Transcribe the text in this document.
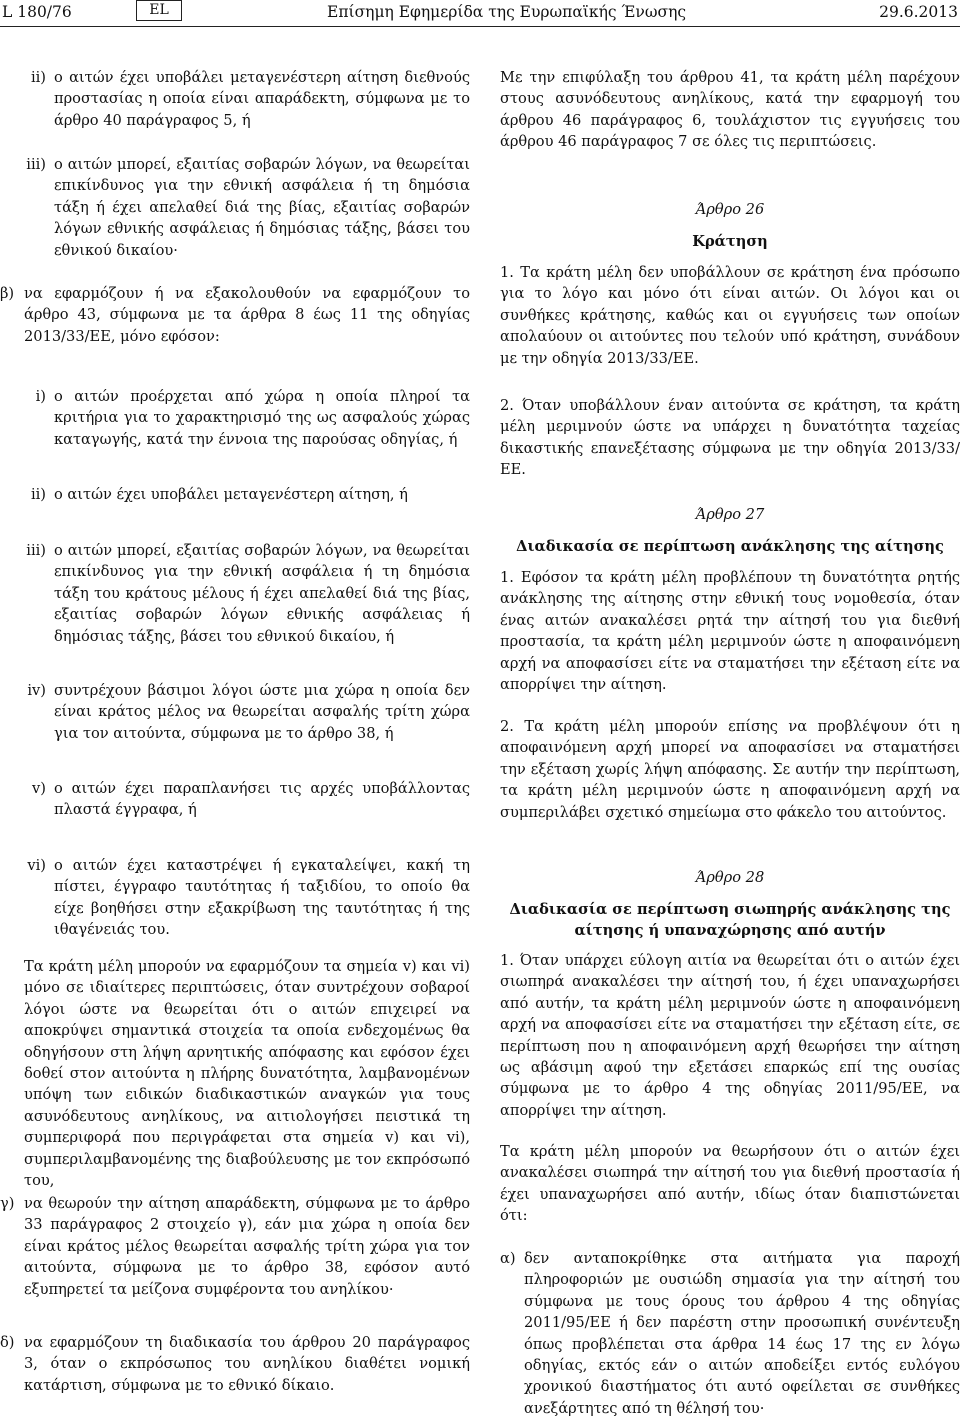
L 180/76	EL	Επίσημη Εφημερίδα της Ευρωπαϊκής Ένωσης	29.6.2013
ii) ο αιτών έχει υποβάλει μεταγενέστερη αίτηση διεθνούς προστασίας η οποία είναι απαράδεκτη, σύμφωνα με το άρθρο 40 παράγραφος 5, ή
iii) ο αιτών μπορεί, εξαιτίας σοβαρών λόγων, να θεωρείται επικίνδυνος για την εθνική ασφάλεια ή τη δημόσια τάξη ή έχει απελαθεί διά της βίας, εξαιτίας σοβαρών λόγων εθνικής ασφάλειας ή δημόσιας τάξης, βάσει του εθνικού δικαίου·
β) να εφαρμόζουν ή να εξακολουθούν να εφαρμόζουν το άρθρο 43, σύμφωνα με τα άρθρα 8 έως 11 της οδηγίας 2013/33/ΕΕ, μόνο εφόσον:
i) ο αιτών προέρχεται από χώρα η οποία πληροί τα κριτήρια για το χαρακτηρισμό της ως ασφαλούς χώρας καταγωγής, κατά την έννοια της παρούσας οδηγίας, ή
ii) ο αιτών έχει υποβάλει μεταγενέστερη αίτηση, ή
iii) ο αιτών μπορεί, εξαιτίας σοβαρών λόγων, να θεωρείται επικίνδυνος για την εθνική ασφάλεια ή τη δημόσια τάξη του κράτους μέλους ή έχει απελαθεί διά της βίας, εξαιτίας σοβαρών λόγων εθνικής ασφάλειας ή δημόσιας τάξης, βάσει του εθνικού δικαίου, ή
iv) συντρέχουν βάσιμοι λόγοι ώστε μια χώρα η οποία δεν είναι κράτος μέλος να θεωρείται ασφαλής τρίτη χώρα για τον αιτούντα, σύμφωνα με το άρθρο 38, ή
v) ο αιτών έχει παραπλανήσει τις αρχές υποβάλλοντας πλαστά έγγραφα, ή
vi) ο αιτών έχει καταστρέψει ή εγκαταλείψει, κακή τη πίστει, έγγραφο ταυτότητας ή ταξιδίου, το οποίο θα είχε βοηθήσει στην εξακρίβωση της ταυτότητας ή της ιθαγένειάς του.
Τα κράτη μέλη μπορούν να εφαρμόζουν τα σημεία v) και vi) μόνο σε ιδιαίτερες περιπτώσεις, όταν συντρέχουν σοβαροί λόγοι ώστε να θεωρείται ότι ο αιτών επιχειρεί να αποκρύψει σημαντικά στοιχεία τα οποία ενδεχομένως θα οδηγήσουν στη λήψη αρνητικής απόφασης και εφόσον έχει δοθεί στον αιτούντα η πλήρης δυνατότητα, λαμβανομένων υπόψη των ειδικών διαδικαστικών αναγκών για τους ασυνόδευτους ανηλίκους, να αιτιολογήσει πειστικά τη συμπεριφορά που περιγράφεται στα σημεία v) και vi), συμπεριλαμβανομένης της διαβούλευσης με τον εκπρόσωπό του,
γ) να θεωρούν την αίτηση απαράδεκτη, σύμφωνα με το άρθρο 33 παράγραφος 2 στοιχείο γ), εάν μια χώρα η οποία δεν είναι κράτος μέλος θεωρείται ασφαλής τρίτη χώρα για τον αιτούντα, σύμφωνα με το άρθρο 38, εφόσον αυτό εξυπηρετεί τα μείζονα συμφέροντα του ανηλίκου·
δ) να εφαρμόζουν τη διαδικασία του άρθρου 20 παράγραφος 3, όταν ο εκπρόσωπος του ανηλίκου διαθέτει νομική κατάρτιση, σύμφωνα με το εθνικό δίκαιο.
Με την επιφύλαξη του άρθρου 41, τα κράτη μέλη παρέχουν στους ασυνόδευτους ανηλίκους, κατά την εφαρμογή του άρθρου 46 παράγραφος 6, τουλάχιστον τις εγγυήσεις του άρθρου 46 παράγραφος 7 σε όλες τις περιπτώσεις.
Άρθρο 26
Κράτηση
1. Τα κράτη μέλη δεν υποβάλλουν σε κράτηση ένα πρόσωπο για το λόγο και μόνο ότι είναι αιτών. Οι λόγοι και οι συνθήκες κράτησης, καθώς και οι εγγυήσεις των οποίων απολαύουν οι αιτούντες που τελούν υπό κράτηση, συνάδουν με την οδηγία 2013/33/ΕΕ.
2. Όταν υποβάλλουν έναν αιτούντα σε κράτηση, τα κράτη μέλη μεριμνούν ώστε να υπάρχει η δυνατότητα ταχείας δικαστικής επανεξέτασης σύμφωνα με την οδηγία 2013/33/ΕΕ.
Άρθρο 27
Διαδικασία σε περίπτωση ανάκλησης της αίτησης
1. Εφόσον τα κράτη μέλη προβλέπουν τη δυνατότητα ρητής ανάκλησης της αίτησης στην εθνική τους νομοθεσία, όταν ένας αιτών ανακαλέσει ρητά την αίτησή του για διεθνή προστασία, τα κράτη μέλη μεριμνούν ώστε η αποφαινόμενη αρχή να αποφασίσει είτε να σταματήσει την εξέταση είτε να απορρίψει την αίτηση.
2. Τα κράτη μέλη μπορούν επίσης να προβλέψουν ότι η αποφαινόμενη αρχή μπορεί να αποφασίσει να σταματήσει την εξέταση χωρίς λήψη απόφασης. Σε αυτήν την περίπτωση, τα κράτη μέλη μεριμνούν ώστε η αποφαινόμενη αρχή να συμπεριλάβει σχετικό σημείωμα στο φάκελο του αιτούντος.
Άρθρο 28
Διαδικασία σε περίπτωση σιωπηρής ανάκλησης της αίτησης ή υπαναχώρησης από αυτήν
1. Όταν υπάρχει εύλογη αιτία να θεωρείται ότι ο αιτών έχει σιωπηρά ανακαλέσει την αίτησή του, ή έχει υπαναχωρήσει από αυτήν, τα κράτη μέλη μεριμνούν ώστε η αποφαινόμενη αρχή να αποφασίσει είτε να σταματήσει την εξέταση είτε, σε περίπτωση που η αποφαινόμενη αρχή θεωρήσει την αίτηση ως αβάσιμη αφού την εξετάσει επαρκώς επί της ουσίας σύμφωνα με το άρθρο 4 της οδηγίας 2011/95/ΕΕ, να απορρίψει την αίτηση.
Τα κράτη μέλη μπορούν να θεωρήσουν ότι ο αιτών έχει ανακαλέσει σιωπηρά την αίτησή του για διεθνή προστασία ή έχει υπαναχωρήσει από αυτήν, ιδίως όταν διαπιστώνεται ότι:
α) δεν ανταποκρίθηκε στα αιτήματα για παροχή πληροφοριών με ουσιώδη σημασία για την αίτησή του σύμφωνα με τους όρους του άρθρου 4 της οδηγίας 2011/95/ΕΕ ή δεν παρέστη στην προσωπική συνέντευξη όπως προβλέπεται στα άρθρα 14 έως 17 της εν λόγω οδηγίας, εκτός εάν ο αιτών αποδείξει εντός ευλόγου χρονικού διαστήματος ότι αυτό οφείλεται σε συνθήκες ανεξάρτητες από τη θέλησή του·
